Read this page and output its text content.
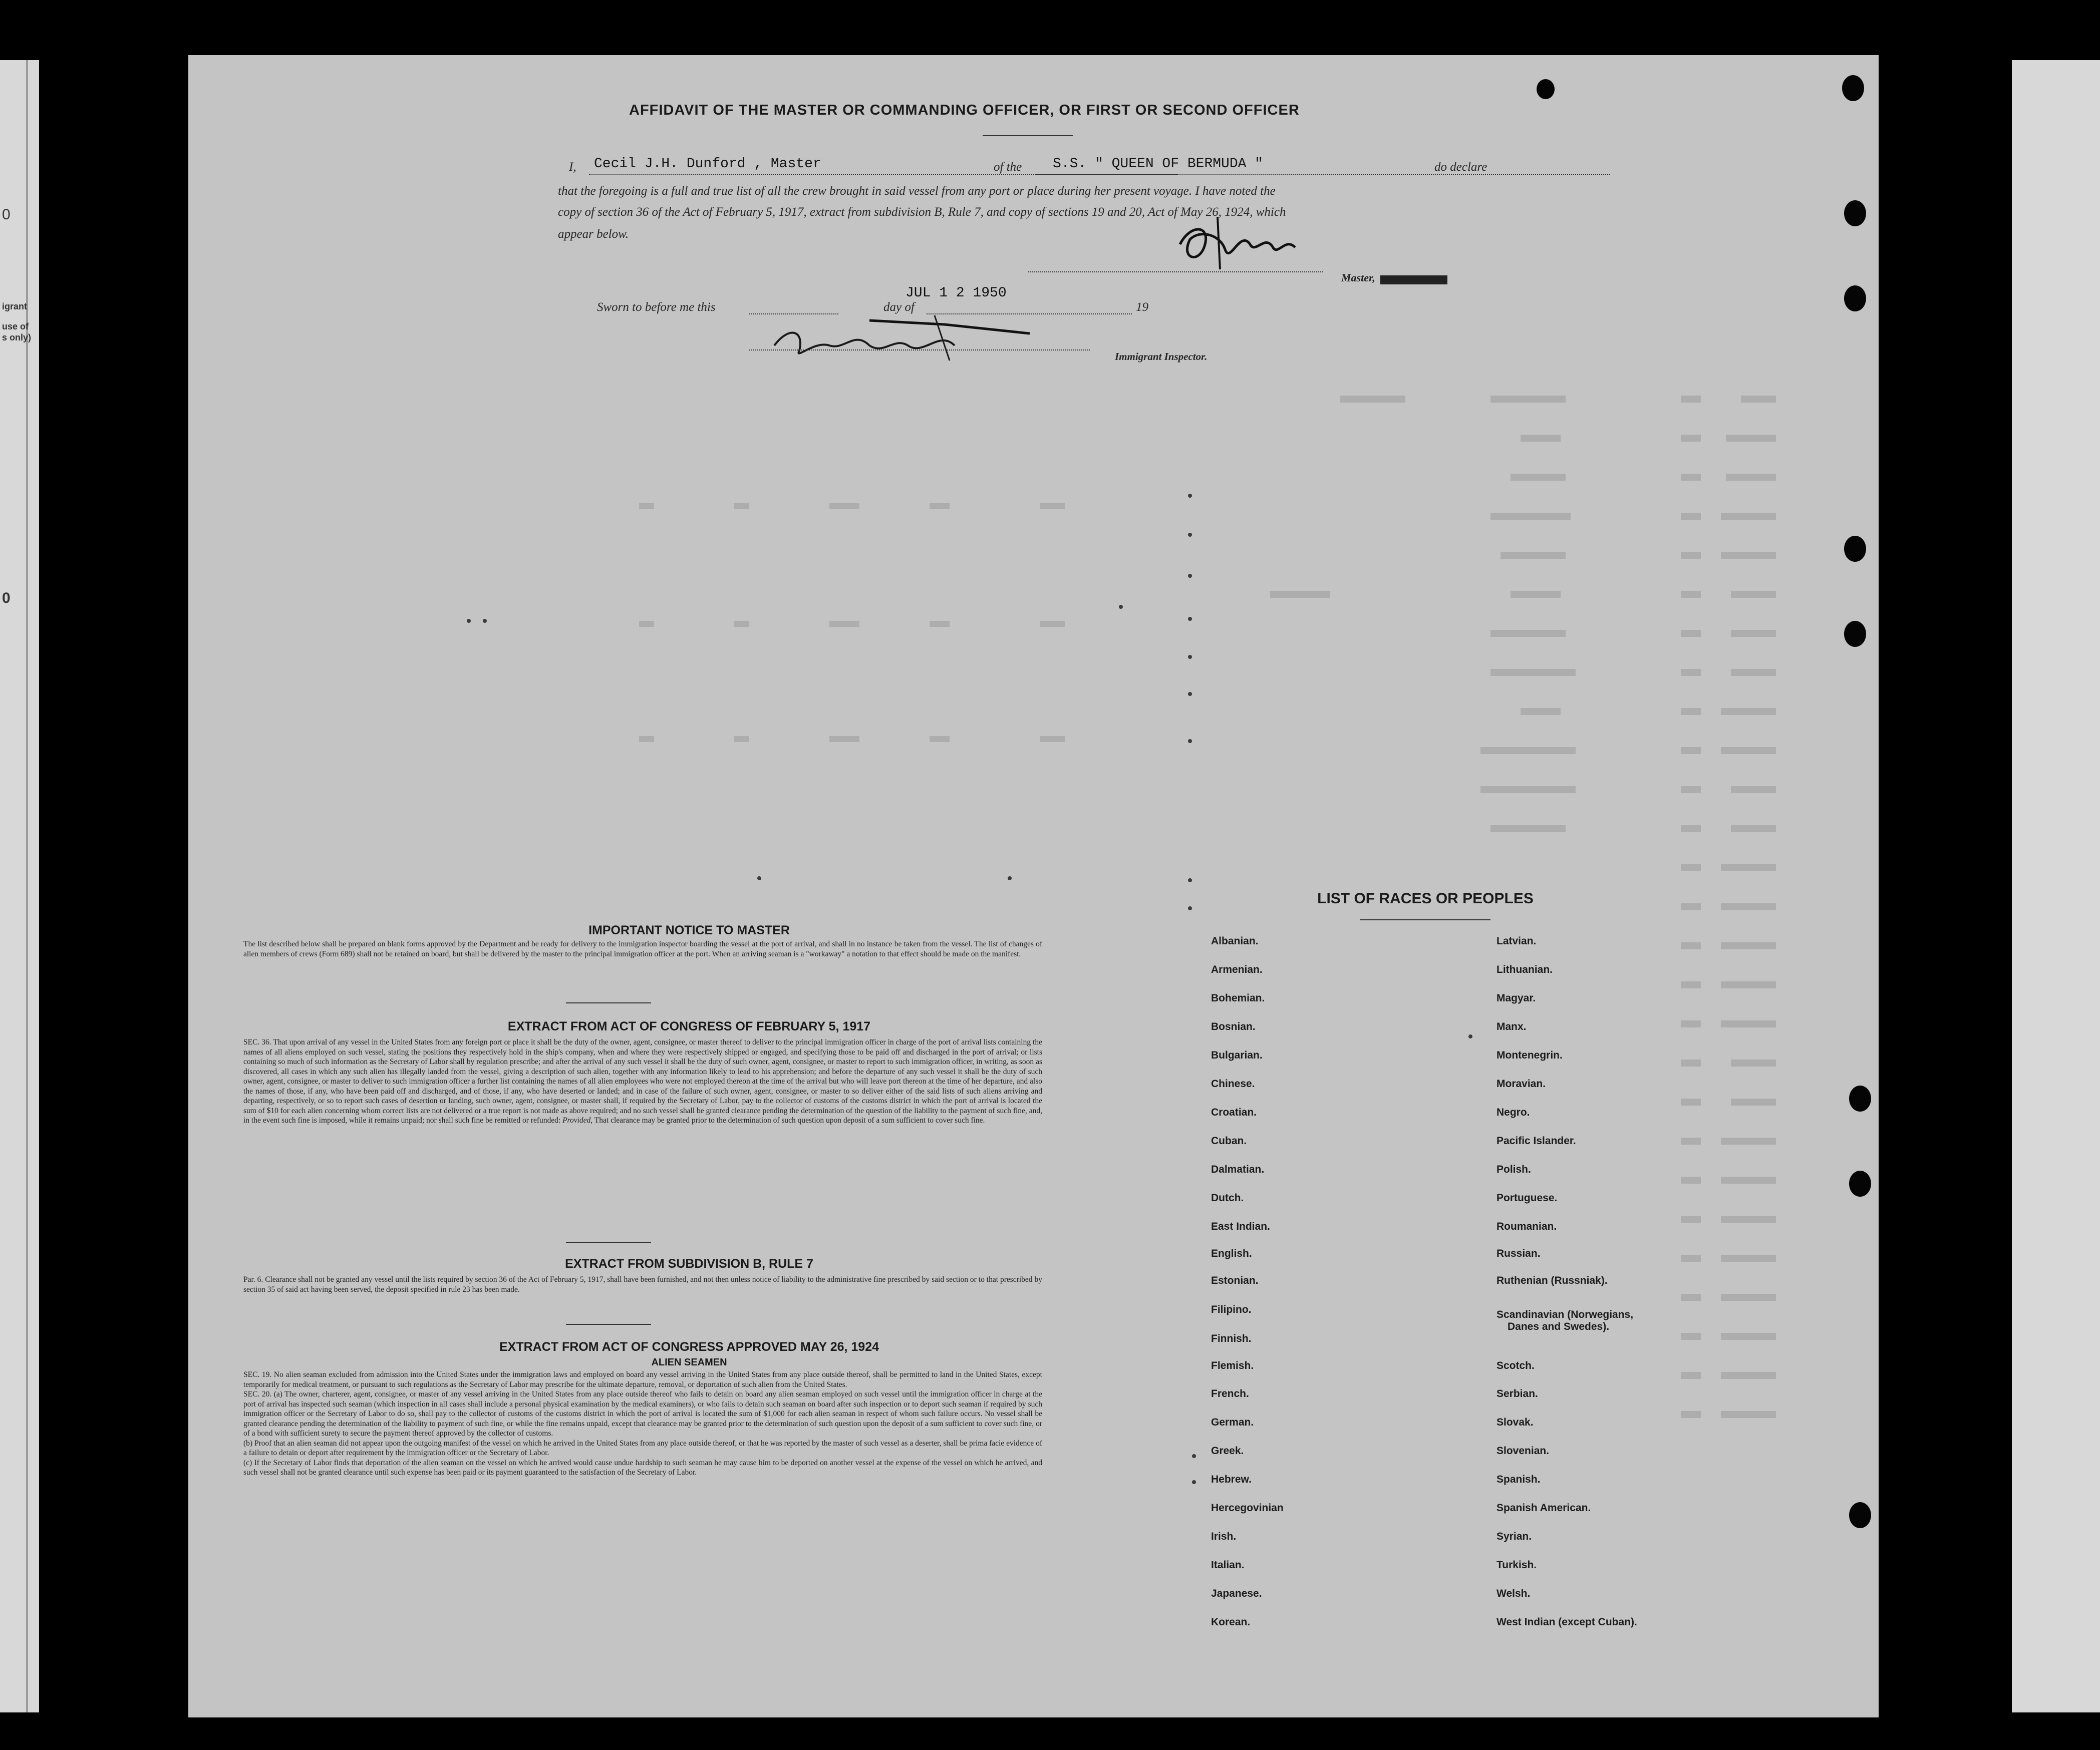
0
igrant
use of
s only)
0
AFFIDAVIT OF THE MASTER OR COMMANDING OFFICER, OR FIRST OR SECOND OFFICER
I, Cecil J.H. Dunford , Master	of the S.S. " QUEEN OF BERMUDA "	do declare
that the foregoing is a full and true list of all the crew brought in said vessel from any port or place during her present voyage. I have noted the
copy of section 36 of the Act of February 5, 1917, extract from subdivision B, Rule 7, and copy of sections 19 and 20, Act of May 26, 1924, which
appear below.
Master,
Sworn to before me this
JUL 1 2 1950
day of	19
Immigrant Inspector.
IMPORTANT NOTICE TO MASTER
The list described below shall be prepared on blank forms approved by the Department and be ready for delivery to the immigration inspector boarding the vessel at the port of arrival, and shall in no instance be taken from the vessel. The list of changes of alien members of crews (Form 689) shall not be retained on board, but shall be delivered by the master to the principal immigration officer at the port. When an arriving seaman is a "workaway" a notation to that effect should be made on the manifest.
EXTRACT FROM ACT OF CONGRESS OF FEBRUARY 5, 1917
SEC. 36. That upon arrival of any vessel in the United States from any foreign port or place it shall be the duty of the owner, agent, consignee, or master thereof to deliver to the principal immigration officer in charge of the port of arrival lists containing the names of all aliens employed on such vessel, stating the positions they respectively hold in the ship's company, when and where they were respectively shipped or engaged, and specifying those to be paid off and discharged in the port of arrival; or lists containing so much of such information as the Secretary of Labor shall by regulation prescribe; and after the arrival of any such vessel it shall be the duty of such owner, agent, consignee, or master to report to such immigration officer, in writing, as soon as discovered, all cases in which any such alien has illegally landed from the vessel, giving a description of such alien, together with any information likely to lead to his apprehension; and before the departure of any such vessel it shall be the duty of such owner, agent, consignee, or master to deliver to such immigration officer a further list containing the names of all alien employees who were not employed thereon at the time of the arrival but who will leave port thereon at the time of her departure, and also the names of those, if any, who have been paid off and discharged, and of those, if any, who have deserted or landed; and in case of the failure of such owner, agent, consignee, or master to so deliver either of the said lists of such aliens arriving and departing, respectively, or so to report such cases of desertion or landing, such owner, agent, consignee, or master shall, if required by the Secretary of Labor, pay to the collector of customs of the customs district in which the port of arrival is located the sum of $10 for each alien concerning whom correct lists are not delivered or a true report is not made as above required; and no such vessel shall be granted clearance pending the determination of the question of the liability to the payment of such fine, and, in the event such fine is imposed, while it remains unpaid; nor shall such fine be remitted or refunded: Provided, That clearance may be granted prior to the determination of such question upon deposit of a sum sufficient to cover such fine.
EXTRACT FROM SUBDIVISION B, RULE 7
Par. 6. Clearance shall not be granted any vessel until the lists required by section 36 of the Act of February 5, 1917, shall have been furnished, and not then unless notice of liability to the administrative fine prescribed by said section or to that prescribed by section 35 of said act having been served, the deposit specified in rule 23 has been made.
EXTRACT FROM ACT OF CONGRESS APPROVED MAY 26, 1924
ALIEN SEAMEN
SEC. 19. No alien seaman excluded from admission into the United States under the immigration laws and employed on board any vessel arriving in the United States from any place outside thereof, shall be permitted to land in the United States, except temporarily for medical treatment, or pursuant to such regulations as the Secretary of Labor may prescribe for the ultimate departure, removal, or deportation of such alien from the United States.
SEC. 20. (a) The owner, charterer, agent, consignee, or master of any vessel arriving in the United States from any place outside thereof who fails to detain on board any alien seaman employed on such vessel until the immigration officer in charge at the port of arrival has inspected such seaman (which inspection in all cases shall include a personal physical examination by the medical examiners), or who fails to detain such seaman on board after such inspection or to deport such seaman if required by such immigration officer or the Secretary of Labor to do so, shall pay to the collector of customs of the customs district in which the port of arrival is located the sum of $1,000 for each alien seaman in respect of whom such failure occurs. No vessel shall be granted clearance pending the determination of the liability to payment of such fine, or while the fine remains unpaid, except that clearance may be granted prior to the determination of such question upon the deposit of a sum sufficient to cover such fine, or of a bond with sufficient surety to secure the payment thereof approved by the collector of customs.
(b) Proof that an alien seaman did not appear upon the outgoing manifest of the vessel on which he arrived in the United States from any place outside thereof, or that he was reported by the master of such vessel as a deserter, shall be prima facie evidence of a failure to detain or deport after requirement by the immigration officer or the Secretary of Labor.
(c) If the Secretary of Labor finds that deportation of the alien seaman on the vessel on which he arrived would cause undue hardship to such seaman he may cause him to be deported on another vessel at the expense of the vessel on which he arrived, and such vessel shall not be granted clearance until such expense has been paid or its payment guaranteed to the satisfaction of the Secretary of Labor.
LIST OF RACES OR PEOPLES
Albanian.
Armenian.
Bohemian.
Bosnian.
Bulgarian.
Chinese.
Croatian.
Cuban.
Dalmatian.
Dutch.
East Indian.
English.
Estonian.
Filipino.
Finnish.
Flemish.
French.
German.
Greek.
Hebrew.
Hercegovinian
Irish.
Italian.
Japanese.
Korean.
Latvian.
Lithuanian.
Magyar.
Manx.
Montenegrin.
Moravian.
Negro.
Pacific Islander.
Polish.
Portuguese.
Roumanian.
Russian.
Ruthenian (Russniak).
Scandinavian (Norwegians,
Danes and Swedes).
Scotch.
Serbian.
Slovak.
Slovenian.
Spanish.
Spanish American.
Syrian.
Turkish.
Welsh.
West Indian (except Cuban).
